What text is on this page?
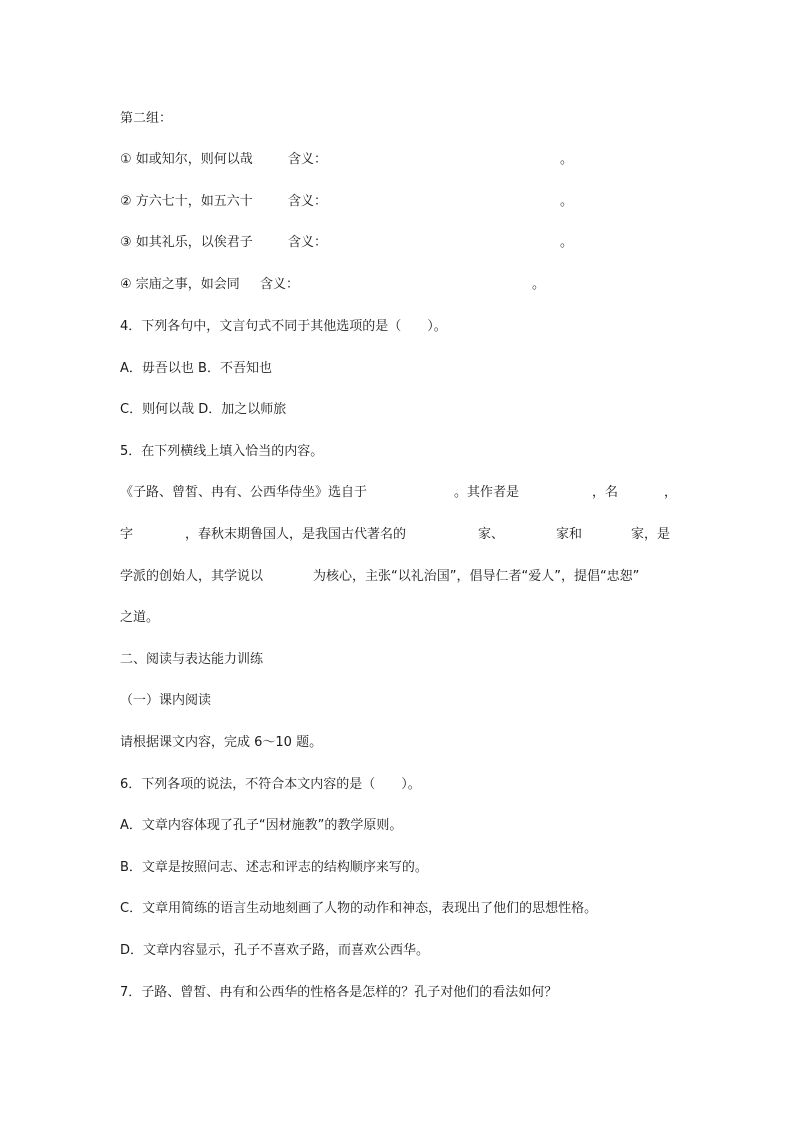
第二组：
① 如或知尔，则何以哉	含义：	。
② 方六七十，如五六十	含义：	。
③ 如其礼乐，以俟君子	含义：	。
④ 宗庙之事，如会同 含义：	。
4．下列各句中，文言句式不同于其他选项的是（　　）。
A．毋吾以也 B．不吾知也
C．则何以哉 D．加之以师旅
5．在下列横线上填入恰当的内容。
《子路、曾皙、冉有、公西华侍坐》选自于	。其作者是	，名	，
字	，春秋末期鲁国人，是我国古代著名的	家、	家和	家，是
学派的创始人，其学说以	为核心，主张“以礼治国”，倡导仁者“爱人”，提倡“忠恕”
之道。
二、阅读与表达能力训练
（一）课内阅读
请根据课文内容，完成 6～10 题。
6．下列各项的说法，不符合本文内容的是（　　）。
A．文章内容体现了孔子“因材施教”的教学原则。
B．文章是按照问志、述志和评志的结构顺序来写的。
C．文章用简练的语言生动地刻画了人物的动作和神态，表现出了他们的思想性格。
D．文章内容显示，孔子不喜欢子路，而喜欢公西华。
7．子路、曾皙、冉有和公西华的性格各是怎样的？孔子对他们的看法如何？
